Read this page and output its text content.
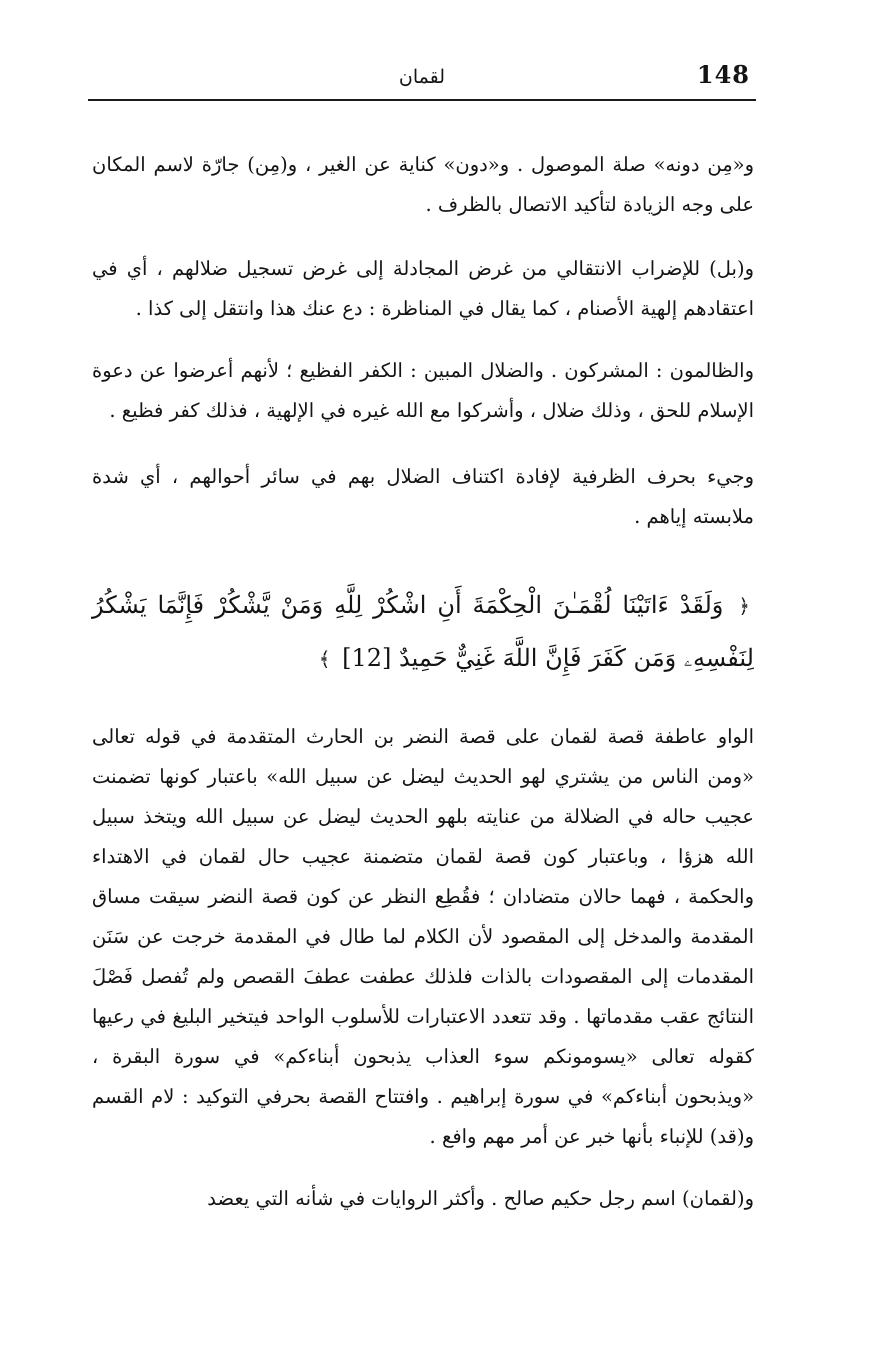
148
لقمان

و«مِن دونه» صلة الموصول . و«دون» كناية عن الغير ، و(مِن) جارّة لاسم المكان على وجه الزيادة لتأكيد الاتصال بالظرف .

و(بل) للإضراب الانتقالي من غرض المجادلة إلى غرض تسجيل ضلالهم ، أي في اعتقادهم إلهية الأصنام ، كما يقال في المناظرة : دع عنك هذا وانتقل إلى كذا .

والظالمون : المشركون . والضلال المبين : الكفر الفظيع ؛ لأنهم أعرضوا عن دعوة الإسلام للحق ، وذلك ضلال ، وأشركوا مع الله غيره في الإلهية ، فذلك كفر فظيع .

وجيء بحرف الظرفية لإفادة اكتناف الضلال بهم في سائر أحوالهم ، أي شدة ملابسته إياهم .

﴿ وَلَقَدْ ءَاتَيْنَا لُقْمَـٰنَ الْحِكْمَةَ أَنِ اشْكُرْ لِلَّهِ وَمَنْ يَّشْكُرْ فَإِنَّمَا يَشْكُرُ لِنَفْسِهِۦ وَمَن كَفَرَ فَإِنَّ اللَّهَ غَنِيٌّ حَمِيدٌ [12] ﴾

الواو عاطفة قصة لقمان على قصة النضر بن الحارث المتقدمة في قوله تعالى «ومن الناس من يشتري لهو الحديث ليضل عن سبيل الله» باعتبار كونها تضمنت عجيب حاله في الضلالة من عنايته بلهو الحديث ليضل عن سبيل الله ويتخذ سبيل الله هزؤا ، وباعتبار كون قصة لقمان متضمنة عجيب حال لقمان في الاهتداء والحكمة ، فهما حالان متضادان ؛ فقُطِع النظر عن كون قصة النضر سيقت مساق المقدمة والمدخل إلى المقصود لأن الكلام لما طال في المقدمة خرجت عن سَنَن المقدمات إلى المقصودات بالذات فلذلك عطفت عطفَ القصص ولم تُفصل فَصْلَ النتائج عقب مقدماتها . وقد تتعدد الاعتبارات للأسلوب الواحد فيتخير البليغ في رعيها كقوله تعالى «يسومونكم سوء العذاب يذبحون أبناءكم» في سورة البقرة ، «ويذبحون أبناءكم» في سورة إبراهيم . وافتتاح القصة بحرفي التوكيد : لام القسم و(قد) للإنباء بأنها خبر عن أمر مهم وافع .

و(لقمان) اسم رجل حكيم صالح . وأكثر الروايات في شأنه التي يعضد
